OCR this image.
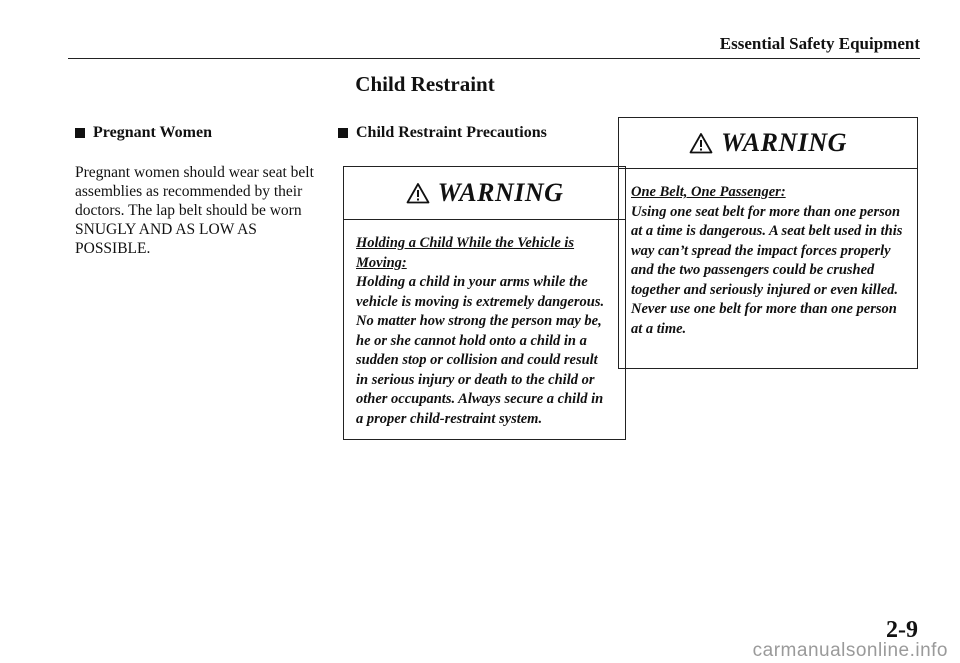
Essential Safety Equipment
Child Restraint
Pregnant Women
Pregnant women should wear seat belt assemblies as recommended by their doctors. The lap belt should be worn SNUGLY AND AS LOW AS POSSIBLE.
Child Restraint Precautions
WARNING
Holding a Child While the Vehicle is Moving:
Holding a child in your arms while the vehicle is moving is extremely dangerous. No matter how strong the person may be, he or she cannot hold onto a child in a sudden stop or collision and could result in serious injury or death to the child or other occupants. Always secure a child in a proper child-restraint system.
WARNING
One Belt, One Passenger:
Using one seat belt for more than one person at a time is dangerous. A seat belt used in this way can’t spread the impact forces properly and the two passengers could be crushed together and seriously injured or even killed. Never use one belt for more than one person at a time.
2-9
carmanualsonline.info
